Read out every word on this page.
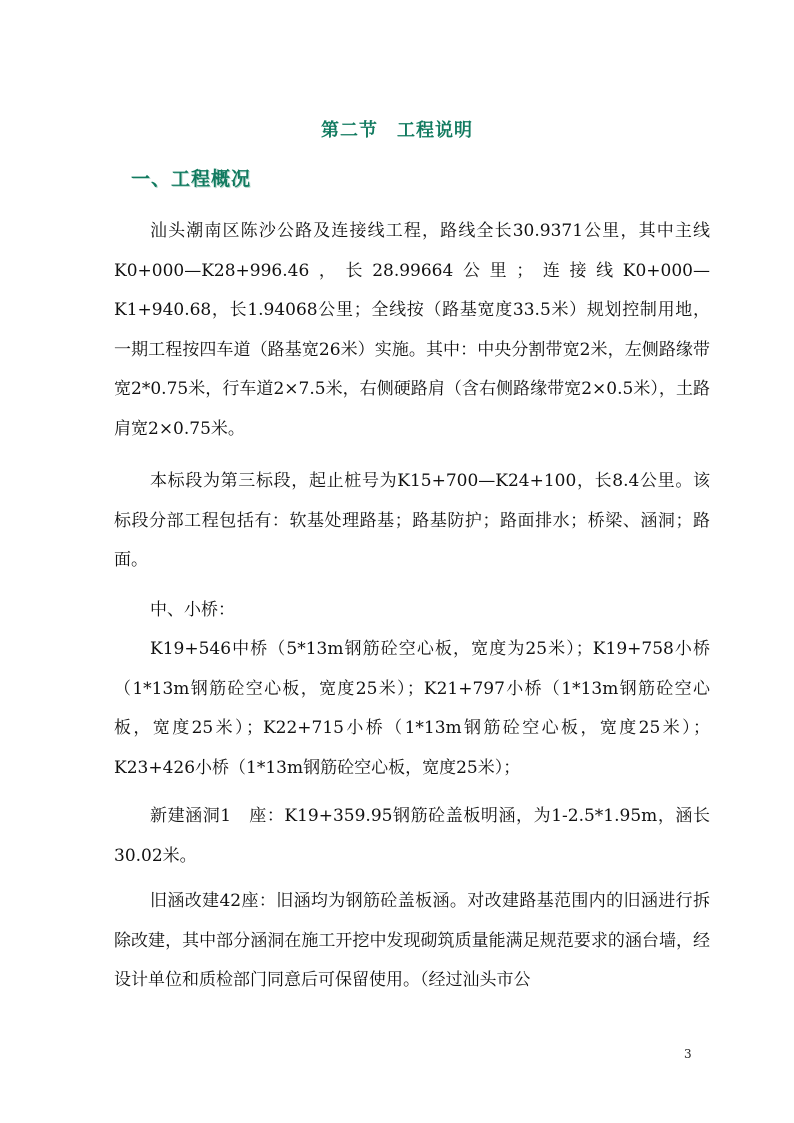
第二节　工程说明
一、工程概况

汕头潮南区陈沙公路及连接线工程，路线全长30.9371公里，其中主线K0+000—K28+996.46，长28.99664公里；连接线K0+000—K1+940.68，长1.94068公里；全线按（路基宽度33.5米）规划控制用地，一期工程按四车道（路基宽26米）实施。其中：中央分割带宽2米，左侧路缘带宽2*0.75米，行车道2×7.5米，右侧硬路肩（含右侧路缘带宽2×0.5米），土路肩宽2×0.75米。

本标段为第三标段，起止桩号为K15+700—K24+100，长8.4公里。该标段分部工程包括有：软基处理路基；路基防护；路面排水；桥梁、涵洞；路面。

中、小桥：

K19+546中桥（5*13m钢筋砼空心板，宽度为25米）；K19+758小桥（1*13m钢筋砼空心板，宽度25米）；K21+797小桥（1*13m钢筋砼空心板，宽度25米）；K22+715小桥（1*13m钢筋砼空心板，宽度25米）；K23+426小桥（1*13m钢筋砼空心板，宽度25米）；

新建涵洞1　座：K19+359.95钢筋砼盖板明涵，为1-2.5*1.95m，涵长30.02米。

旧涵改建42座：旧涵均为钢筋砼盖板涵。对改建路基范围内的旧涵进行拆除改建，其中部分涵洞在施工开挖中发现砌筑质量能满足规范要求的涵台墙，经设计单位和质检部门同意后可保留使用。（经过汕头市公

3
